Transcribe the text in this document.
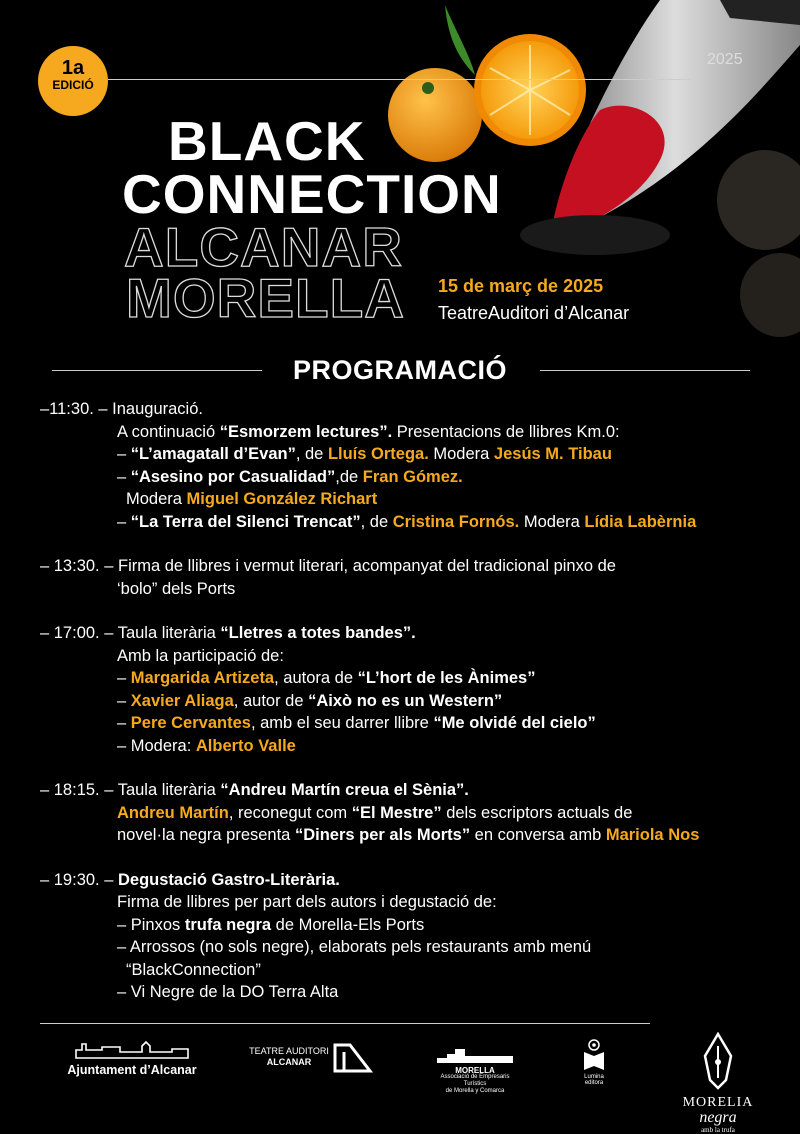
1a
EDICIÓ
2025
BLACK
CONNECTION
ALCANAR
MORELLA 15 de març de 2025
TeatreAuditori d’Alcanar
PROGRAMACIÓ
–11:30. – Inauguració.
A continuació “Esmorzem lectures”. Presentacions de llibres Km.0:
– “L’amagatall d’Evan”, de Lluís Ortega. Modera Jesús M. Tibau
– “Asesino por Casualidad”,de Fran Gómez.
Modera Miguel González Richart
– “La Terra del Silenci Trencat”, de Cristina Fornós. Modera Lídia Labèrnia
– 13:30. – Firma de llibres i vermut literari, acompanyat del tradicional pinxo de
‘bolo” dels Ports
– 17:00. – Taula literària “Lletres a totes bandes”.
Amb la participació de:
– Margarida Artizeta, autora de “L’hort de les Ànimes”
– Xavier Aliaga, autor de “Això no es un Western”
– Pere Cervantes, amb el seu darrer llibre “Me olvidé del cielo”
– Modera: Alberto Valle
– 18:15. – Taula literària “Andreu Martín creua el Sènia”.
Andreu Martín, reconegut com “El Mestre” dels escriptors actuals de
novel·la negra presenta “Diners per als Morts” en conversa amb Mariola Nos
– 19:30. – Degustació Gastro-Literària.
Firma de llibres per part dels autors i degustació de:
– Pinxos trufa negra de Morella-Els Ports
– Arrossos (no sols negre), elaborats pels restaurants amb menú
“BlackConnection”
– Vi Negre de la DO Terra Alta
Ajuntament d’Alcanar
TEATRE AUDITORI
ALCANAR
MORELLA
Associació de Empresaris Turístics
de Morella y Comarca
Lumina editora
MORELIA
negra
amb la trufa
